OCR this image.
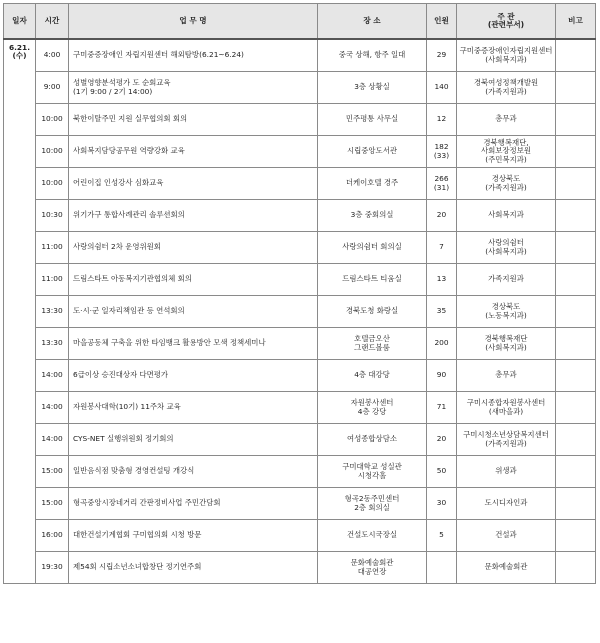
일자	시간	업 무 명	장 소	인원	주 관
(관련부서)	비고

6.21.
(수)	4:00	구미중증장애인 자립지원센터 해외탐방(6.21~6.24)	중국 상해, 항주 일대	29	구미중증장애인자립지원센터
(사회복지과)	

	9:00	성별영향분석평가 도 순회교육
(1기 9:00 / 2기 14:00)	3층 상황실	140	경북여성정책개발원
(가족지원과)	

	10:00	북한이탈주민 지원 실무협의회 회의	민주평통 사무실	12	총무과	

	10:00	사회복지담당공무원 역량강화 교육	시립중앙도서관	182
(33)	경북행복재단,
사회보장정보원
(주민복지과)	

	10:00	어린이집 인성강사 심화교육	더케이호텔 경주	266
(31)	경상북도
(가족지원과)	

	10:30	위기가구 통합사례관리 솔루션회의	3층 중회의실	20	사회복지과	

	11:00	사랑의쉼터 2차 운영위원회	사랑의쉼터 회의실	7	사랑의쉼터
(사회복지과)	

	11:00	드림스타트 아동복지기관협의체 회의	드림스타트 티움실	13	가족지원과	

	13:30	도·시·군 일자리책임관 등 연석회의	경북도청 화랑실	35	경상북도
(노동복지과)	

	13:30	마을공동체 구축을 위한 타임뱅크 활용방안 모색 정책세미나	호텔금오산
그랜드볼룸	200	경북행복재단
(사회복지과)	

	14:00	6급이상 승진대상자 다면평가	4층 대강당	90	총무과	

	14:00	자원봉사대학(10기) 11주차 교육	자원봉사센터
4층 강당	71	구미시종합자원봉사센터
(새마을과)	

	14:00	CYS-NET 실행위원회 정기회의	여성종합상담소	20	구미시청소년상담복지센터
(가족지원과)	

	15:00	일반음식점 맞춤형 경영컨설팅 개강식	구미대학교 성실관
시청각홀	50	위생과	

	15:00	형곡중앙시장네거리 간판정비사업 주민간담회	형곡2동주민센터
2층 회의실	30	도시디자인과	

	16:00	대한건설기계협회 구미협의회 시청 방문	건설도시국장실	5	건설과	

	19:30	제54회 시립소년소녀합창단 정기연주회	문화예술회관
대공연장		문화예술회관	
